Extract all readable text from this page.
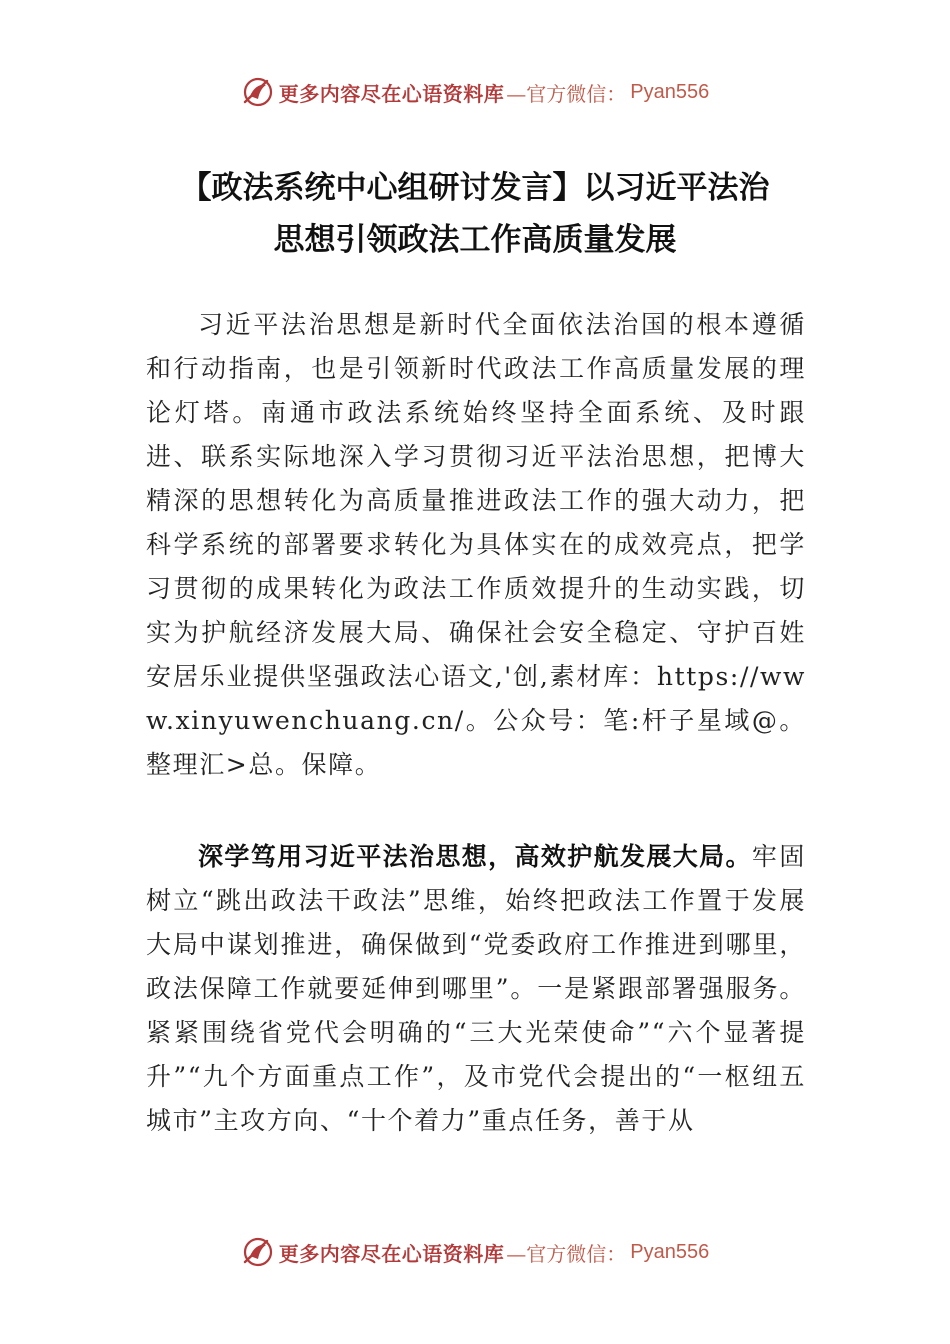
更多内容尽在心语资料库 —官方微信： Pyan556
【政法系统中心组研讨发言】以习近平法治
思想引领政法工作高质量发展
习近平法治思想是新时代全面依法治国的根本遵循和行动指南，也是引领新时代政法工作高质量发展的理论灯塔。南通市政法系统始终坚持全面系统、及时跟进、联系实际地深入学习贯彻习近平法治思想，把博大精深的思想转化为高质量推进政法工作的强大动力，把科学系统的部署要求转化为具体实在的成效亮点，把学习贯彻的成果转化为政法工作质效提升的生动实践，切实为护航经济发展大局、确保社会安全稳定、守护百姓安居乐业提供坚强政法心语文,'创,素材库：https://www.xinyuwenchuang.cn/。公众号：笔:杆子星域@。整理汇>总。保障。
深学笃用习近平法治思想，高效护航发展大局。牢固树立“跳出政法干政法”思维，始终把政法工作置于发展大局中谋划推进，确保做到“党委政府工作推进到哪里，政法保障工作就要延伸到哪里”。一是紧跟部署强服务。紧紧围绕省党代会明确的“三大光荣使命”“六个显著提升”“九个方面重点工作”，及市党代会提出的“一枢纽五城市”主攻方向、“十个着力”重点任务，善于从
更多内容尽在心语资料库 —官方微信： Pyan556
